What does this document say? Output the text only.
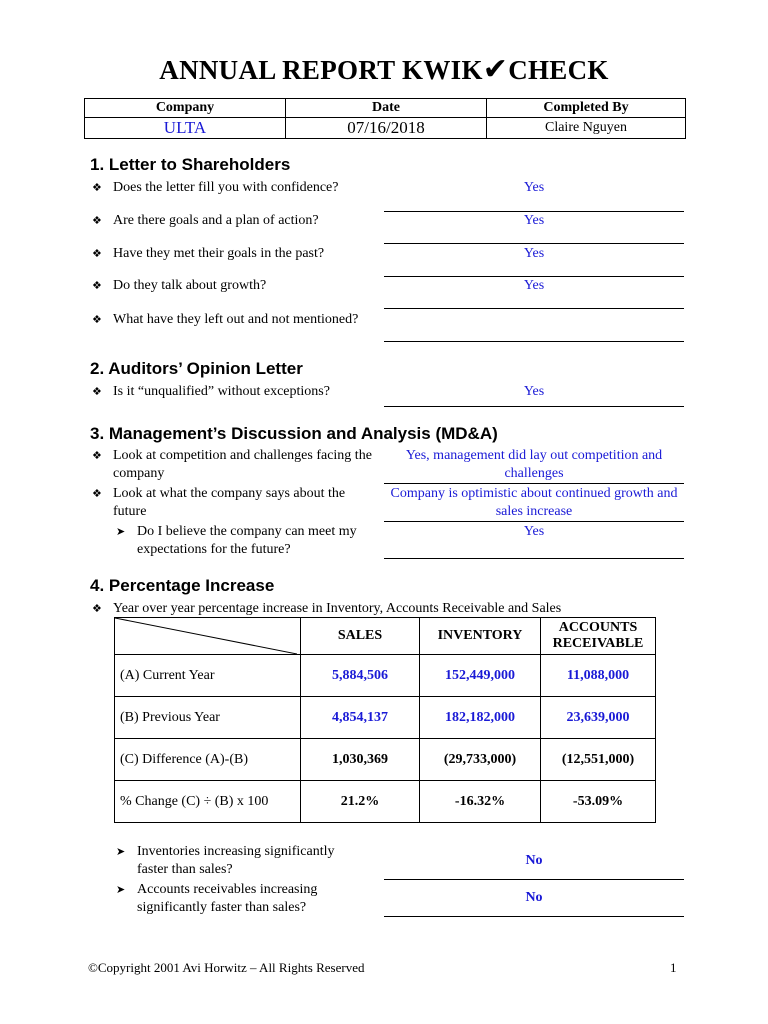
ANNUAL REPORT KWIK✔CHECK
Company	Date	Completed By
ULTA	07/16/2018	Claire Nguyen
1. Letter to Shareholders
❖ Does the letter fill you with confidence?	Yes
❖ Are there goals and a plan of action?	Yes
❖ Have they met their goals in the past?	Yes
❖ Do they talk about growth?	Yes
❖ What have they left out and not mentioned?
2. Auditors’ Opinion Letter
❖ Is it “unqualified” without exceptions?	Yes
3. Management’s Discussion and Analysis (MD&A)
❖ Look at competition and challenges facing the company
Yes, management did lay out competition and challenges
❖ Look at what the company says about the future
Company is optimistic about continued growth and sales increase
➤ Do I believe the company can meet my expectations for the future?
Yes
4. Percentage Increase
❖ Year over year percentage increase in Inventory, Accounts Receivable and Sales
	SALES	INVENTORY	ACCOUNTS RECEIVABLE
(A) Current Year	5,884,506	152,449,000	11,088,000
(B) Previous Year	4,854,137	182,182,000	23,639,000
(C) Difference (A)-(B)	1,030,369	(29,733,000)	(12,551,000)
% Change (C) ÷ (B) x 100	21.2%	-16.32%	-53.09%
➤ Inventories increasing significantly faster than sales?
No
➤ Accounts receivables increasing significantly faster than sales?
No
©Copyright 2001 Avi Horwitz – All Rights Reserved	1
